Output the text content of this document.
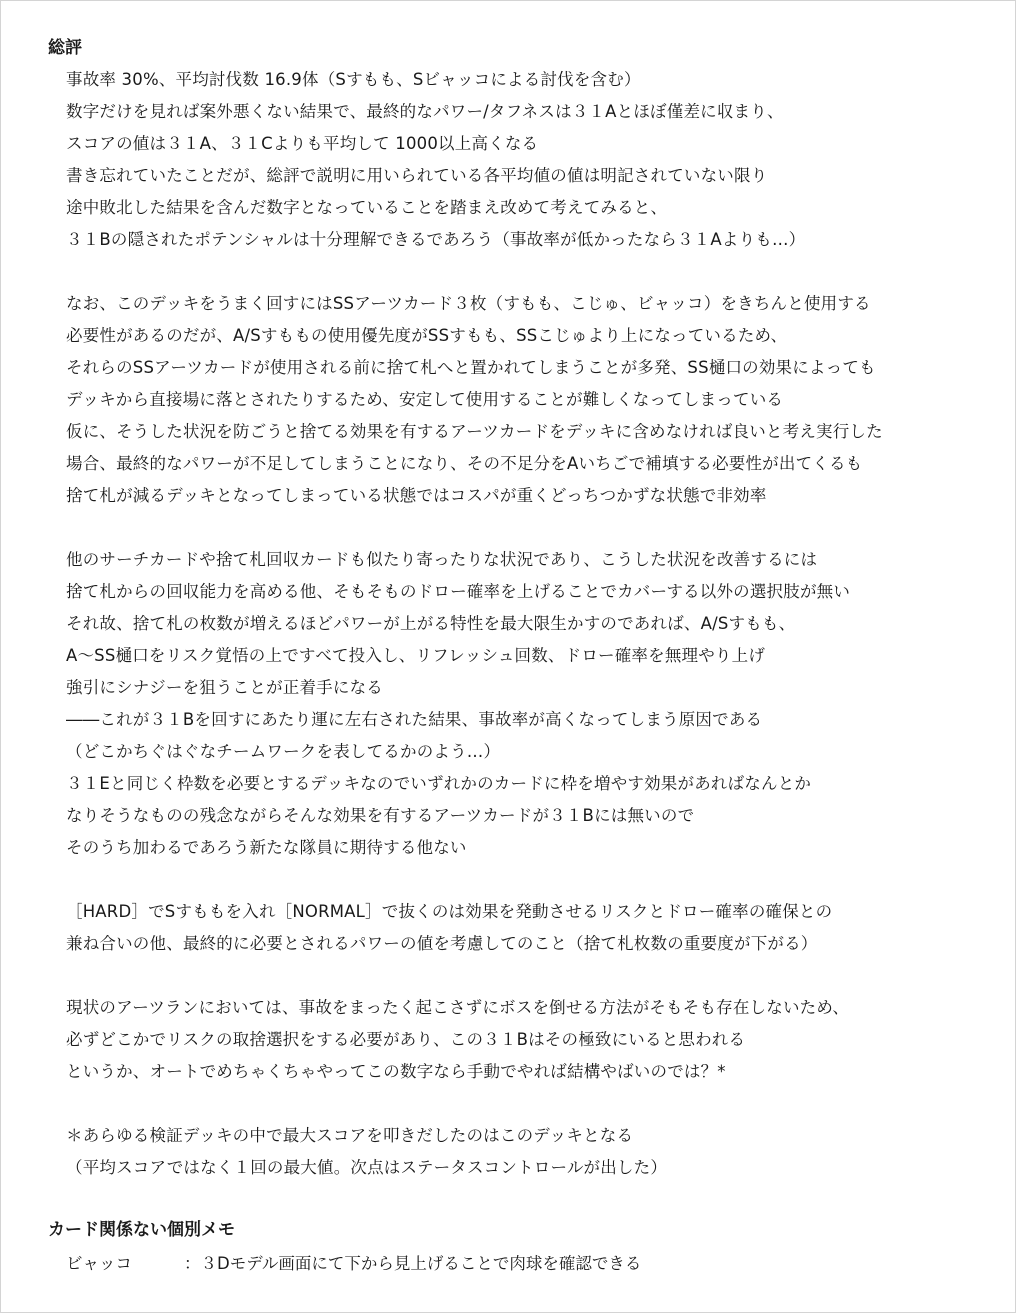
総評
事故率 30%、平均討伐数 16.9体（Sすもも、Sビャッコによる討伐を含む）
数字だけを見れば案外悪くない結果で、最終的なパワー/タフネスは３１Aとほぼ僅差に収まり、
スコアの値は３１A、３１Cよりも平均して 1000以上高くなる
書き忘れていたことだが、総評で説明に用いられている各平均値の値は明記されていない限り
途中敗北した結果を含んだ数字となっていることを踏まえ改めて考えてみると、
３１Bの隠されたポテンシャルは十分理解できるであろう（事故率が低かったなら３１Aよりも…）
なお、このデッキをうまく回すにはSSアーツカード３枚（すもも、こじゅ、ビャッコ）をきちんと使用する
必要性があるのだが、A/Sすももの使用優先度がSSすもも、SSこじゅより上になっているため、
それらのSSアーツカードが使用される前に捨て札へと置かれてしまうことが多発、SS樋口の効果によっても
デッキから直接場に落とされたりするため、安定して使用することが難しくなってしまっている
仮に、そうした状況を防ごうと捨てる効果を有するアーツカードをデッキに含めなければ良いと考え実行した
場合、最終的なパワーが不足してしまうことになり、その不足分をAいちごで補填する必要性が出てくるも
捨て札が減るデッキとなってしまっている状態ではコスパが重くどっちつかずな状態で非効率
他のサーチカードや捨て札回収カードも似たり寄ったりな状況であり、こうした状況を改善するには
捨て札からの回収能力を高める他、そもそものドロー確率を上げることでカバーする以外の選択肢が無い
それ故、捨て札の枚数が増えるほどパワーが上がる特性を最大限生かすのであれば、A/Sすもも、
A～SS樋口をリスク覚悟の上ですべて投入し、リフレッシュ回数、ドロー確率を無理やり上げ
強引にシナジーを狙うことが正着手になる
――これが３１Bを回すにあたり運に左右された結果、事故率が高くなってしまう原因である
（どこかちぐはぐなチームワークを表してるかのよう…）
３１Eと同じく枠数を必要とするデッキなのでいずれかのカードに枠を増やす効果があればなんとか
なりそうなものの残念ながらそんな効果を有するアーツカードが３１Bには無いので
そのうち加わるであろう新たな隊員に期待する他ない
［HARD］でSすももを入れ［NORMAL］で抜くのは効果を発動させるリスクとドロー確率の確保との
兼ね合いの他、最終的に必要とされるパワーの値を考慮してのこと（捨て札枚数の重要度が下がる）
現状のアーツランにおいては、事故をまったく起こさずにボスを倒せる方法がそもそも存在しないため、
必ずどこかでリスクの取捨選択をする必要があり、この３１Bはその極致にいると思われる
というか、オートでめちゃくちゃやってこの数字なら手動でやれば結構やばいのでは？*
＊あらゆる検証デッキの中で最大スコアを叩きだしたのはこのデッキとなる
（平均スコアではなく１回の最大値。次点はステータスコントロールが出した）
カード関係ない個別メモ
ビャッコ	：３Dモデル画面にて下から見上げることで肉球を確認できる
